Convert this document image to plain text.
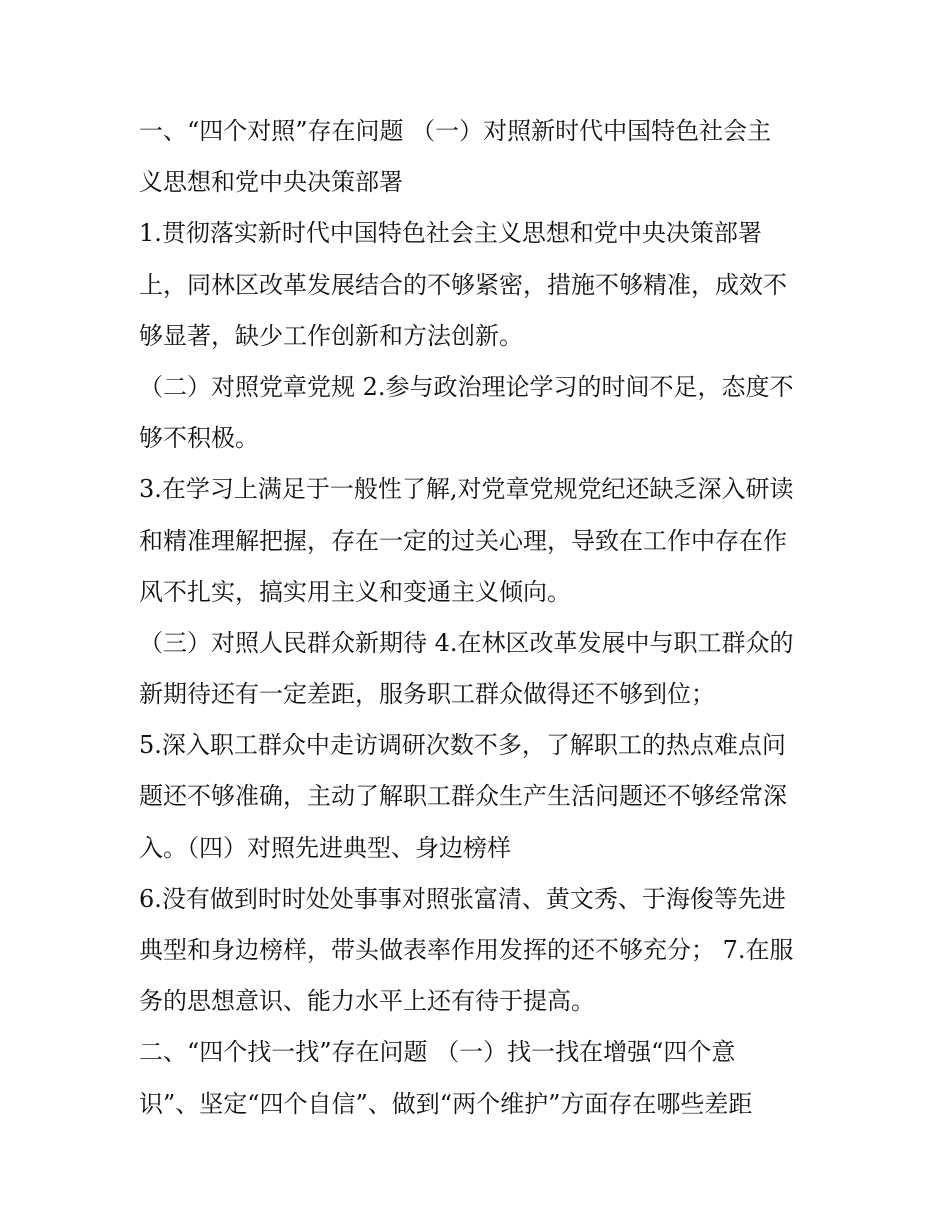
一、“四个对照”存在问题 （一）对照新时代中国特色社会主
义思想和党中央决策部署
1.贯彻落实新时代中国特色社会主义思想和党中央决策部署
上，同林区改革发展结合的不够紧密，措施不够精准，成效不
够显著，缺少工作创新和方法创新。
（二）对照党章党规 2.参与政治理论学习的时间不足，态度不
够不积极。
3.在学习上满足于一般性了解,对党章党规党纪还缺乏深入研读
和精准理解把握，存在一定的过关心理，导致在工作中存在作
风不扎实，搞实用主义和变通主义倾向。
（三）对照人民群众新期待 4.在林区改革发展中与职工群众的
新期待还有一定差距，服务职工群众做得还不够到位；
5.深入职工群众中走访调研次数不多，了解职工的热点难点问
题还不够准确，主动了解职工群众生产生活问题还不够经常深
入。（四）对照先进典型、身边榜样
6.没有做到时时处处事事对照张富清、黄文秀、于海俊等先进
典型和身边榜样，带头做表率作用发挥的还不够充分； 7.在服
务的思想意识、能力水平上还有待于提高。
二、“四个找一找”存在问题 （一）找一找在增强“四个意
识”、坚定“四个自信”、做到“两个维护”方面存在哪些差距
